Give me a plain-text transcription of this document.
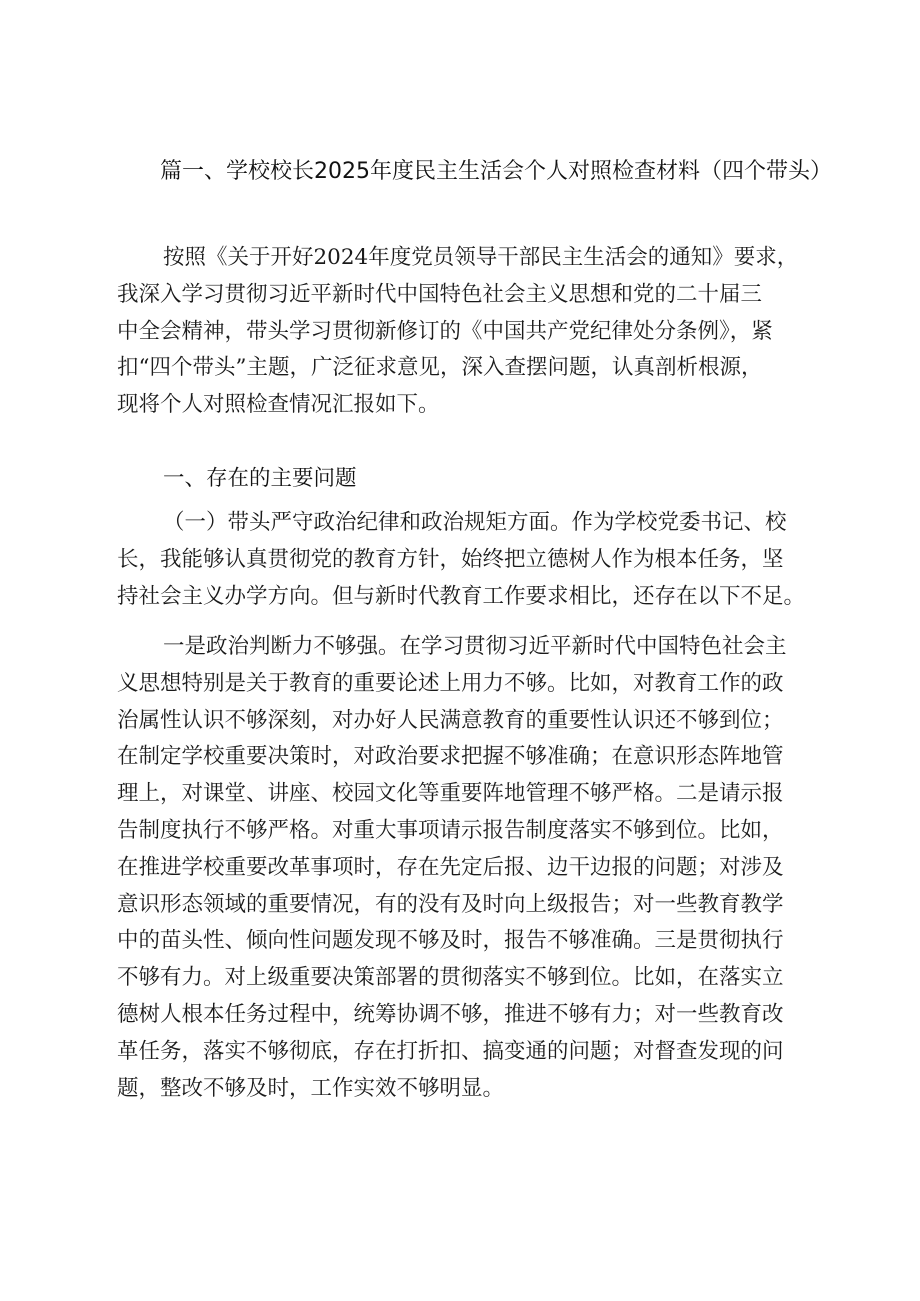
篇一、学校校长2025年度民主生活会个人对照检查材料（四个带头）
按照《关于开好2024年度党员领导干部民主生活会的通知》要求，
我深入学习贯彻习近平新时代中国特色社会主义思想和党的二十届三
中全会精神，带头学习贯彻新修订的《中国共产党纪律处分条例》，紧
扣“四个带头”主题，广泛征求意见，深入查摆问题，认真剖析根源，
现将个人对照检查情况汇报如下。
一、存在的主要问题
（一）带头严守政治纪律和政治规矩方面。作为学校党委书记、校
长，我能够认真贯彻党的教育方针，始终把立德树人作为根本任务，坚
持社会主义办学方向。但与新时代教育工作要求相比，还存在以下不足。
一是政治判断力不够强。在学习贯彻习近平新时代中国特色社会主
义思想特别是关于教育的重要论述上用力不够。比如，对教育工作的政
治属性认识不够深刻，对办好人民满意教育的重要性认识还不够到位；
在制定学校重要决策时，对政治要求把握不够准确；在意识形态阵地管
理上，对课堂、讲座、校园文化等重要阵地管理不够严格。二是请示报
告制度执行不够严格。对重大事项请示报告制度落实不够到位。比如，
在推进学校重要改革事项时，存在先定后报、边干边报的问题；对涉及
意识形态领域的重要情况，有的没有及时向上级报告；对一些教育教学
中的苗头性、倾向性问题发现不够及时，报告不够准确。三是贯彻执行
不够有力。对上级重要决策部署的贯彻落实不够到位。比如，在落实立
德树人根本任务过程中，统筹协调不够，推进不够有力；对一些教育改
革任务，落实不够彻底，存在打折扣、搞变通的问题；对督查发现的问
题，整改不够及时，工作实效不够明显。
